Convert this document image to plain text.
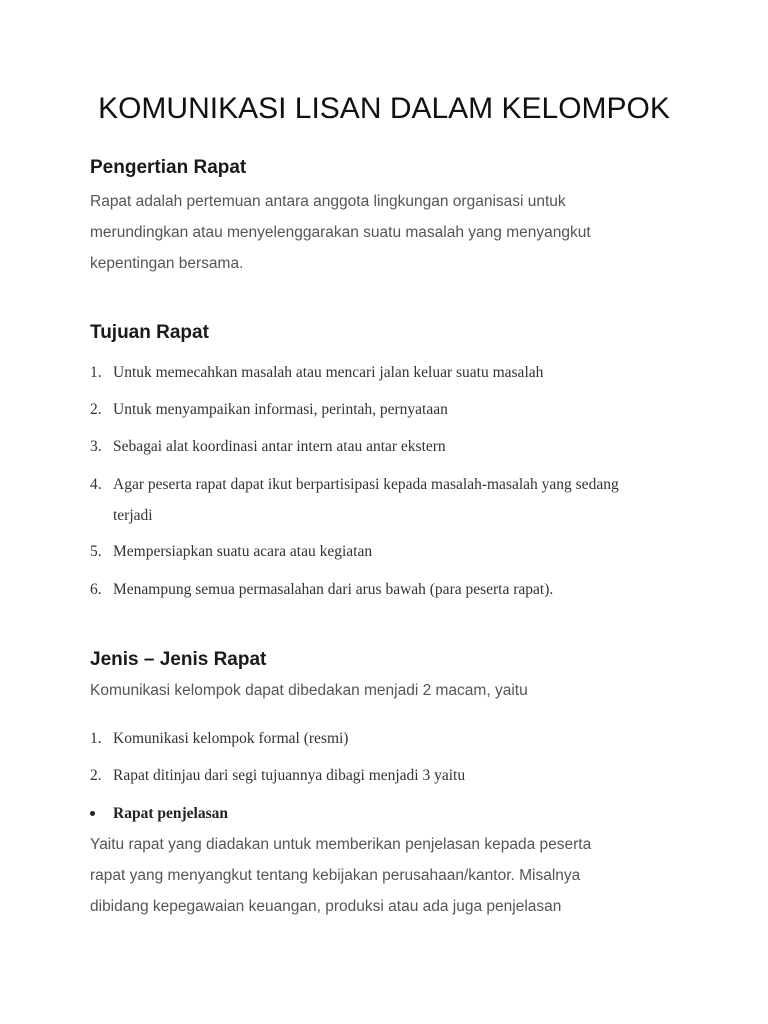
KOMUNIKASI LISAN DALAM KELOMPOK
Pengertian Rapat
Rapat adalah pertemuan antara anggota lingkungan organisasi untuk
merundingkan atau menyelenggarakan suatu masalah yang menyangkut
kepentingan bersama.
Tujuan Rapat
1. Untuk memecahkan masalah atau mencari jalan keluar suatu masalah
2. Untuk menyampaikan informasi, perintah, pernyataan
3. Sebagai alat koordinasi antar intern atau antar ekstern
4. Agar peserta rapat dapat ikut berpartisipasi kepada masalah-masalah yang sedang
terjadi
5. Mempersiapkan suatu acara atau kegiatan
6. Menampung semua permasalahan dari arus bawah (para peserta rapat).
Jenis – Jenis Rapat
Komunikasi kelompok dapat dibedakan menjadi 2 macam, yaitu
1. Komunikasi kelompok formal (resmi)
2. Rapat ditinjau dari segi tujuannya dibagi menjadi 3 yaitu
Rapat penjelasan
Yaitu rapat yang diadakan untuk memberikan penjelasan kepada peserta
rapat yang menyangkut tentang kebijakan perusahaan/kantor. Misalnya
dibidang kepegawaian keuangan, produksi atau ada juga penjelasan
